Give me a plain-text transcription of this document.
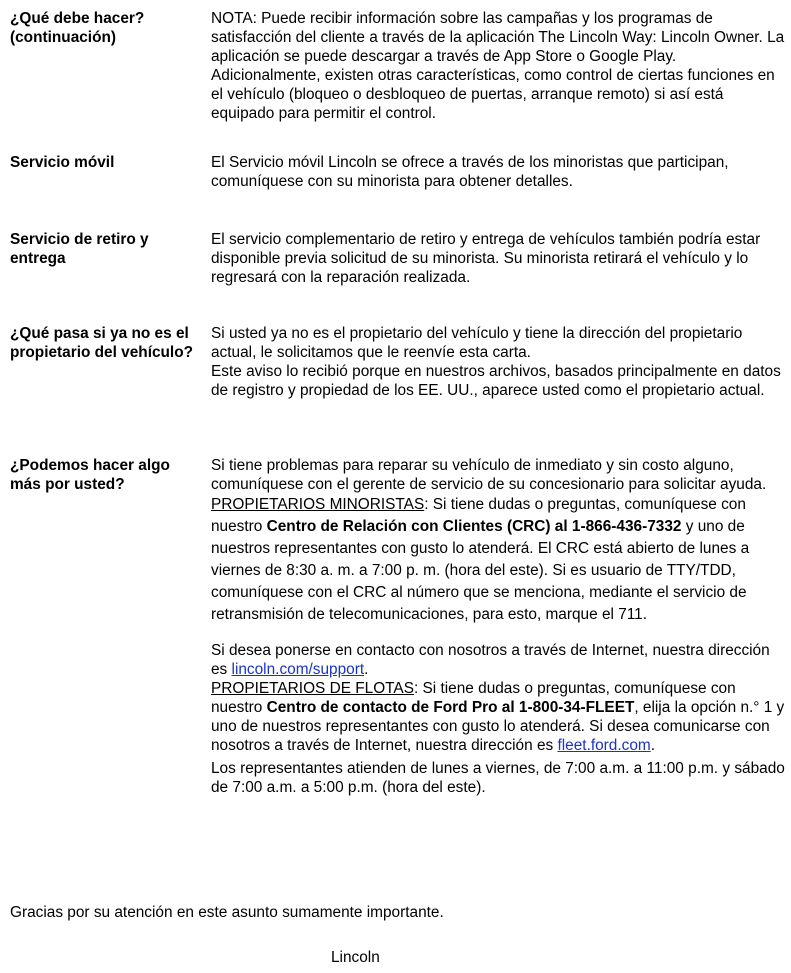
¿Qué debe hacer? (continuación)

NOTA: Puede recibir información sobre las campañas y los programas de satisfacción del cliente a través de la aplicación The Lincoln Way: Lincoln Owner. La aplicación se puede descargar a través de App Store o Google Play. Adicionalmente, existen otras características, como control de ciertas funciones en el vehículo (bloqueo o desbloqueo de puertas, arranque remoto) si así está equipado para permitir el control.

Servicio móvil	El Servicio móvil Lincoln se ofrece a través de los minoristas que participan, comuníquese con su minorista para obtener detalles.

Servicio de retiro y entrega

El servicio complementario de retiro y entrega de vehículos también podría estar disponible previa solicitud de su minorista. Su minorista retirará el vehículo y lo regresará con la reparación realizada.

¿Qué pasa si ya no es el propietario del vehículo?

Si usted ya no es el propietario del vehículo y tiene la dirección del propietario actual, le solicitamos que le reenvíe esta carta.

Este aviso lo recibió porque en nuestros archivos, basados principalmente en datos de registro y propiedad de los EE. UU., aparece usted como el propietario actual.

¿Podemos hacer algo más por usted?

Si tiene problemas para reparar su vehículo de inmediato y sin costo alguno, comuníquese con el gerente de servicio de su concesionario para solicitar ayuda.

PROPIETARIOS MINORISTAS: Si tiene dudas o preguntas, comuníquese con nuestro Centro de Relación con Clientes (CRC) al 1-866-436-7332 y uno de nuestros representantes con gusto lo atenderá. El CRC está abierto de lunes a viernes de 8:30 a. m. a 7:00 p. m. (hora del este). Si es usuario de TTY/TDD, comuníquese con el CRC al número que se menciona, mediante el servicio de retransmisión de telecomunicaciones, para esto, marque el 711.

Si desea ponerse en contacto con nosotros a través de Internet, nuestra dirección es lincoln.com/support.

PROPIETARIOS DE FLOTAS: Si tiene dudas o preguntas, comuníquese con nuestro Centro de contacto de Ford Pro al 1-800-34-FLEET, elija la opción n.° 1 y uno de nuestros representantes con gusto lo atenderá. Si desea comunicarse con nosotros a través de Internet, nuestra dirección es fleet.ford.com.

Los representantes atienden de lunes a viernes, de 7:00 a.m. a 11:00 p.m. y sábado de 7:00 a.m. a 5:00 p.m. (hora del este).

Gracias por su atención en este asunto sumamente importante.
Lincoln
